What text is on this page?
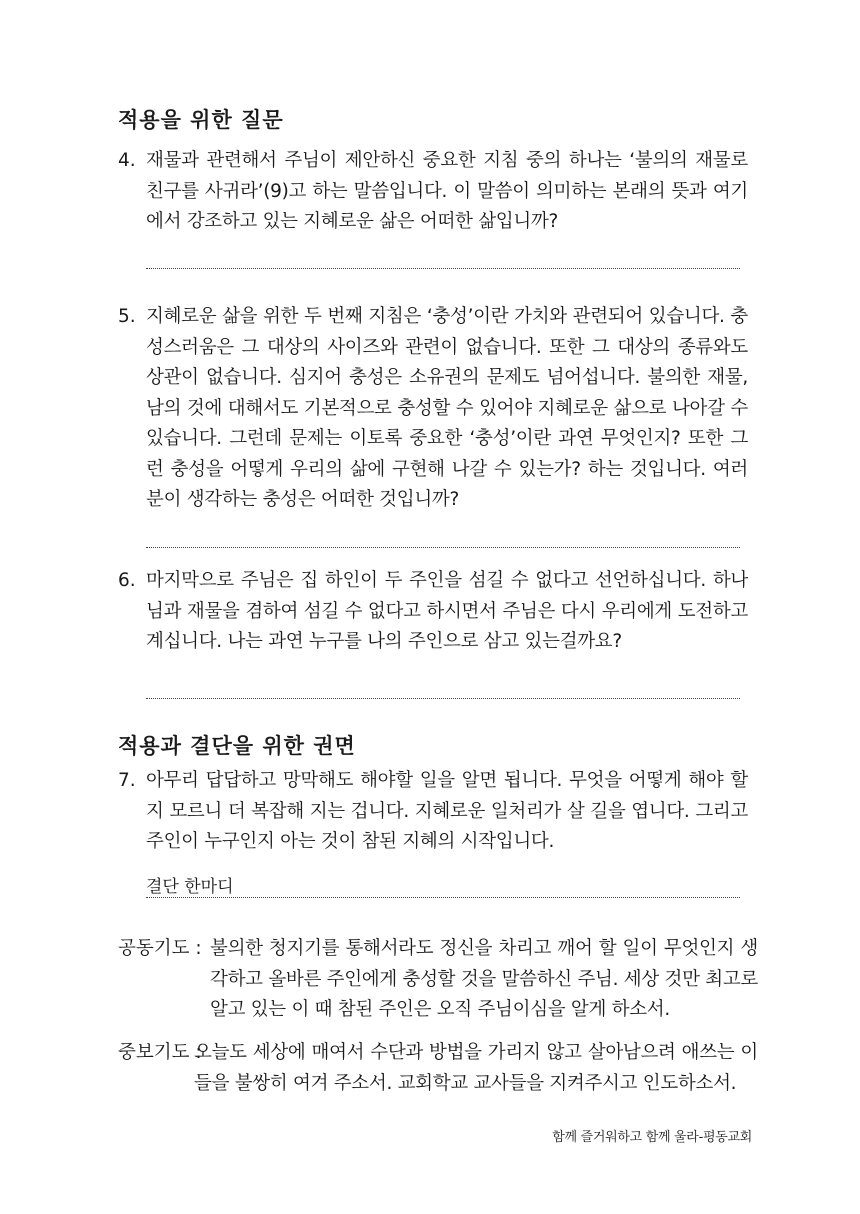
적용을 위한 질문
4. 재물과 관련해서 주님이 제안하신 중요한 지침 중의 하나는 ‘불의의 재물로 친구를 사귀라’(9)고 하는 말씀입니다. 이 말씀이 의미하는 본래의 뜻과 여기에서 강조하고 있는 지혜로운 삶은 어떠한 삶입니까?
5. 지혜로운 삶을 위한 두 번째 지침은 ‘충성’이란 가치와 관련되어 있습니다. 충성스러움은 그 대상의 사이즈와 관련이 없습니다. 또한 그 대상의 종류와도 상관이 없습니다. 심지어 충성은 소유권의 문제도 넘어섭니다. 불의한 재물, 남의 것에 대해서도 기본적으로 충성할 수 있어야 지혜로운 삶으로 나아갈 수 있습니다. 그런데 문제는 이토록 중요한 ‘충성’이란 과연 무엇인지? 또한 그런 충성을 어떻게 우리의 삶에 구현해 나갈 수 있는가? 하는 것입니다. 여러분이 생각하는 충성은 어떠한 것입니까?
6. 마지막으로 주님은 집 하인이 두 주인을 섬길 수 없다고 선언하십니다. 하나님과 재물을 겸하여 섬길 수 없다고 하시면서 주님은 다시 우리에게 도전하고 계십니다. 나는 과연 누구를 나의 주인으로 삼고 있는걸까요?
적용과 결단을 위한 권면
7. 아무리 답답하고 망막해도 해야할 일을 알면 됩니다. 무엇을 어떻게 해야 할지 모르니 더 복잡해 지는 겁니다. 지혜로운 일처리가 살 길을 엽니다. 그리고 주인이 누구인지 아는 것이 참된 지혜의 시작입니다.
결단 한마디
공동기도 : 불의한 청지기를 통해서라도 정신을 차리고 깨어 할 일이 무엇인지 생각하고 올바른 주인에게 충성할 것을 말씀하신 주님. 세상 것만 최고로 알고 있는 이 때 참된 주인은 오직 주님이심을 알게 하소서.
중보기도 :
오늘도 세상에 매여서 수단과 방법을 가리지 않고 살아남으려 애쓰는 이들을 불쌍히 여겨 주소서. 교회학교 교사들을 지켜주시고 인도하소서.
함께 즐거워하고 함께 울라-평동교회
